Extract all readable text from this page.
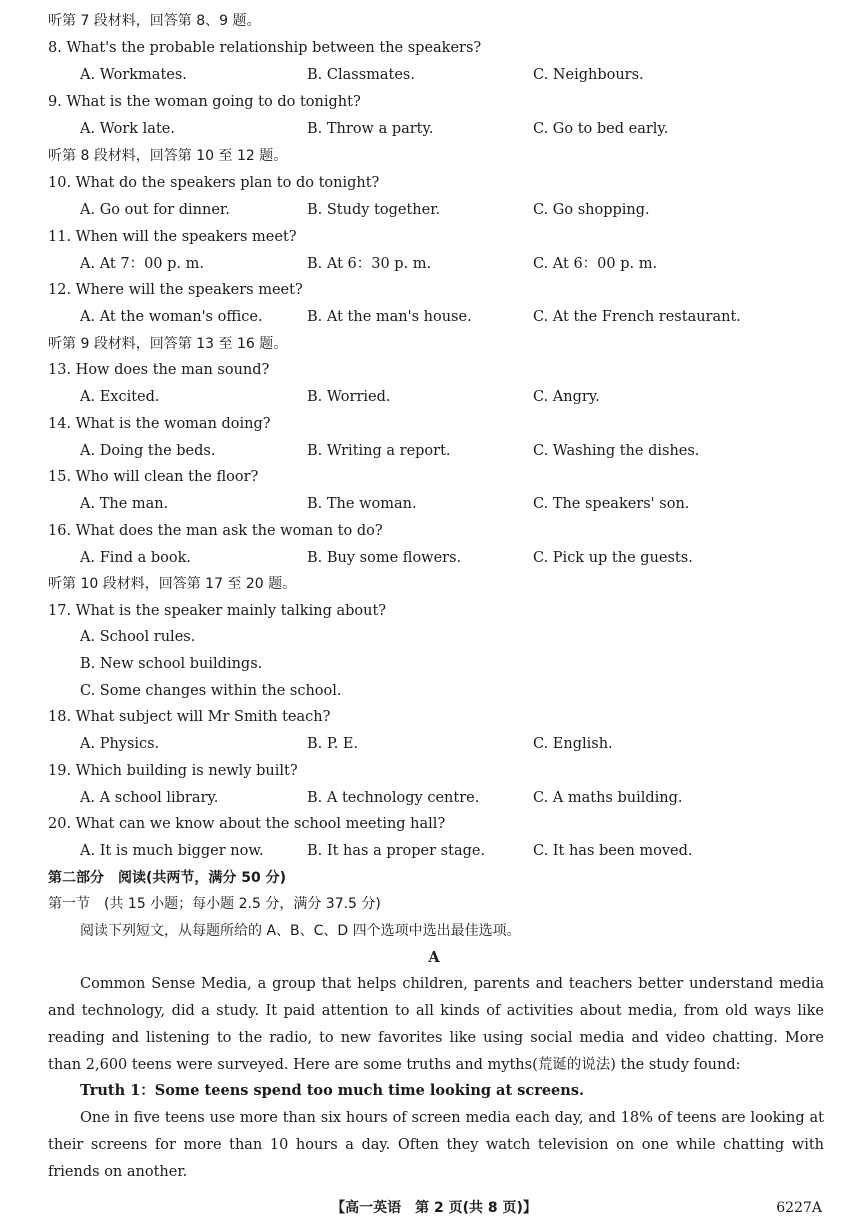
听第 7 段材料，回答第 8、9 题。
8. What's the probable relationship between the speakers?
A. Workmates.	B. Classmates.	C. Neighbours.
9. What is the woman going to do tonight?
A. Work late.	B. Throw a party.	C. Go to bed early.
听第 8 段材料，回答第 10 至 12 题。
10. What do the speakers plan to do tonight?
A. Go out for dinner.	B. Study together.	C. Go shopping.
11. When will the speakers meet?
A. At 7：00 p. m.	B. At 6：30 p. m.	C. At 6：00 p. m.
12. Where will the speakers meet?
A. At the woman's office.	B. At the man's house.	C. At the French restaurant.
听第 9 段材料，回答第 13 至 16 题。
13. How does the man sound?
A. Excited.	B. Worried.	C. Angry.
14. What is the woman doing?
A. Doing the beds.	B. Writing a report.	C. Washing the dishes.
15. Who will clean the floor?
A. The man.	B. The woman.	C. The speakers' son.
16. What does the man ask the woman to do?
A. Find a book.	B. Buy some flowers.	C. Pick up the guests.
听第 10 段材料，回答第 17 至 20 题。
17. What is the speaker mainly talking about?
A. School rules.
B. New school buildings.
C. Some changes within the school.
18. What subject will Mr Smith teach?
A. Physics.	B. P. E.	C. English.
19. Which building is newly built?
A. A school library.	B. A technology centre.	C. A maths building.
20. What can we know about the school meeting hall?
A. It is much bigger now.	B. It has a proper stage.	C. It has been moved.
第二部分　阅读(共两节，满分 50 分)
第一节　(共 15 小题；每小题 2.5 分，满分 37.5 分)
阅读下列短文，从每题所给的 A、B、C、D 四个选项中选出最佳选项。
A
Common Sense Media, a group that helps children, parents and teachers better understand media
and technology, did a study. It paid attention to all kinds of activities about media, from old ways like
reading and listening to the radio, to new favorites like using social media and video chatting. More
than 2,600 teens were surveyed. Here are some truths and myths(荒诞的说法) the study found:
Truth 1：Some teens spend too much time looking at screens.
One in five teens use more than six hours of screen media each day, and 18% of teens are looking at
their screens for more than 10 hours a day. Often they watch television on one while chatting with
friends on another.
【高一英语　第 2 页(共 8 页)】	6227A
